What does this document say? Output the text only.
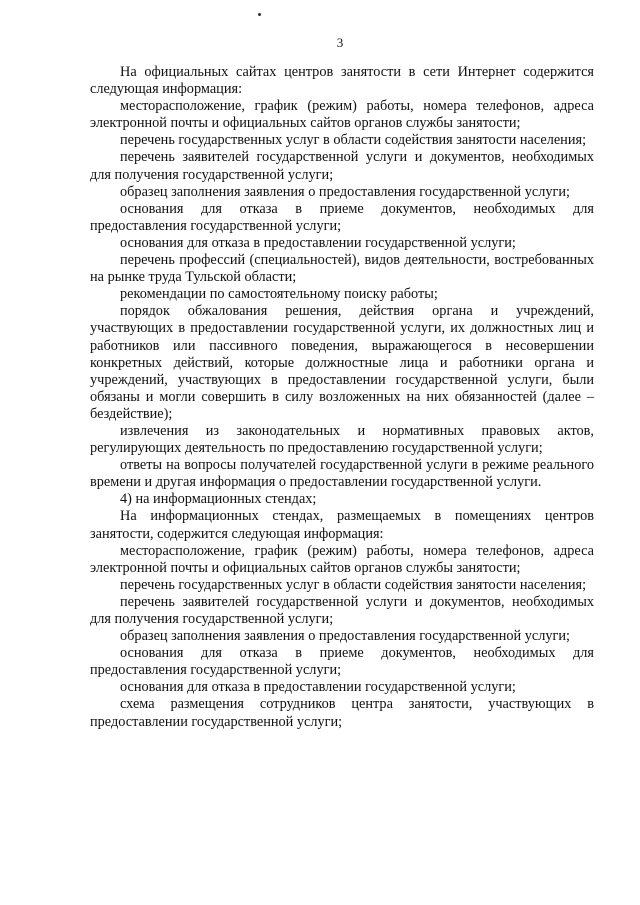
3

На официальных сайтах центров занятости в сети Интернет содержится следующая информация:

месторасположение, график (режим) работы, номера телефонов, адреса электронной почты и официальных сайтов органов службы занятости;

перечень государственных услуг в области содействия занятости населения;

перечень заявителей государственной услуги и документов, необходимых для получения государственной услуги;

образец заполнения заявления о предоставления государственной услуги;

основания для отказа в приеме документов, необходимых для предоставления государственной услуги;

основания для отказа в предоставлении государственной услуги;

перечень профессий (специальностей), видов деятельности, востребованных на рынке труда Тульской области;

рекомендации по самостоятельному поиску работы;

порядок обжалования решения, действия органа и учреждений, участвующих в предоставлении государственной услуги, их должностных лиц и работников или пассивного поведения, выражающегося в несовершении конкретных действий, которые должностные лица и работники органа и учреждений, участвующих в предоставлении государственной услуги, были обязаны и могли совершить в силу возложенных на них обязанностей (далее – бездействие);

извлечения из законодательных и нормативных правовых актов, регулирующих деятельность по предоставлению государственной услуги;

ответы на вопросы получателей государственной услуги в режиме реального времени и другая информация о предоставлении государственной услуги.

4) на информационных стендах;

На информационных стендах, размещаемых в помещениях центров занятости, содержится следующая информация:

месторасположение, график (режим) работы, номера телефонов, адреса электронной почты и официальных сайтов органов службы занятости;

перечень государственных услуг в области содействия занятости населения;

перечень заявителей государственной услуги и документов, необходимых для получения государственной услуги;

образец заполнения заявления о предоставления государственной услуги;

основания для отказа в приеме документов, необходимых для предоставления государственной услуги;

основания для отказа в предоставлении государственной услуги;

схема размещения сотрудников центра занятости, участвующих в предоставлении государственной услуги;
